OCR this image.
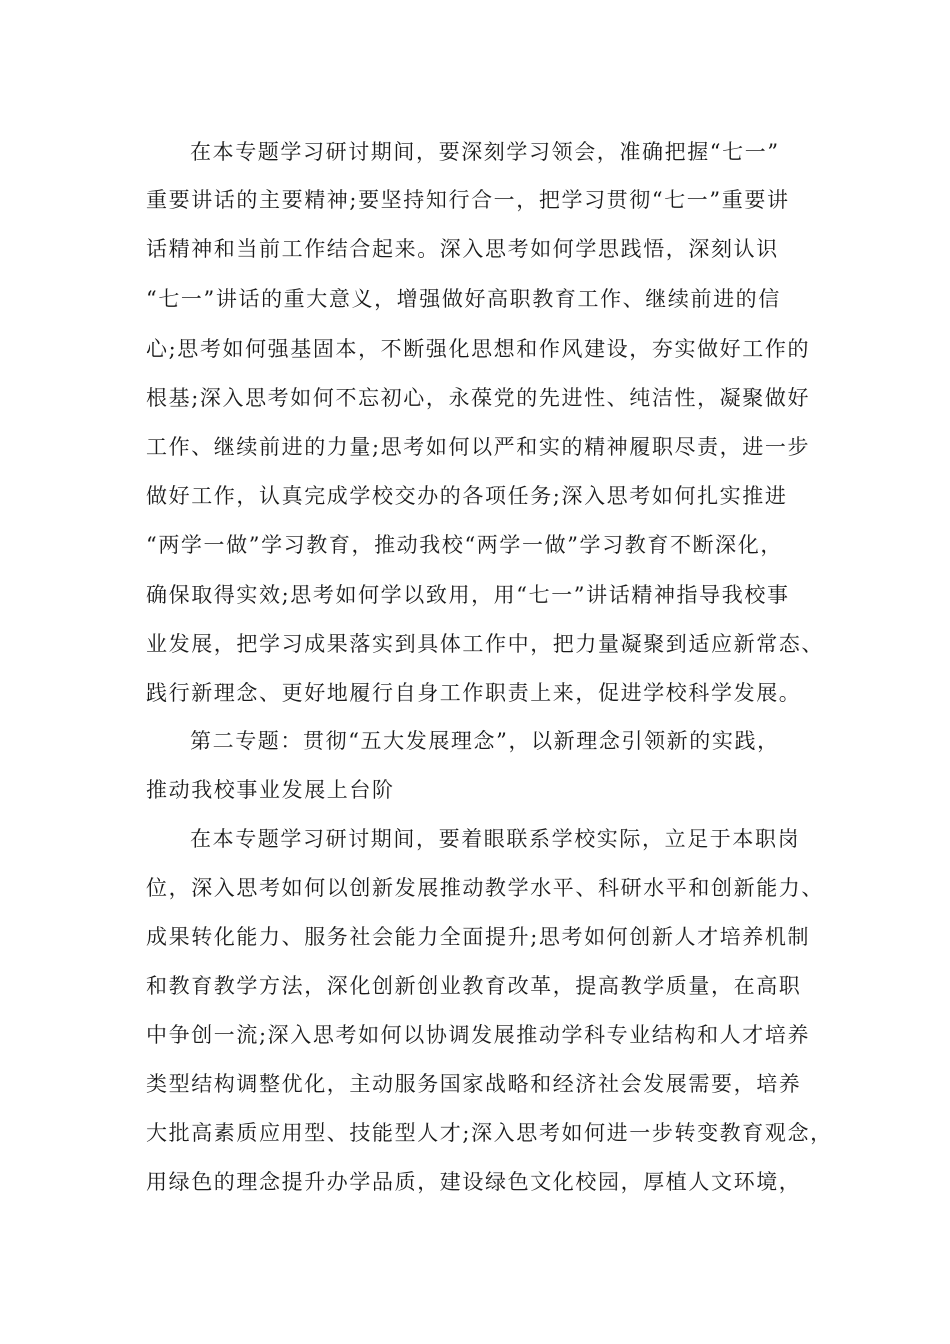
在本专题学习研讨期间，要深刻学习领会，准确把握“七一”
重要讲话的主要精神;要坚持知行合一，把学习贯彻“七一”重要讲
话精神和当前工作结合起来。深入思考如何学思践悟，深刻认识
“七一”讲话的重大意义，增强做好高职教育工作、继续前进的信
心;思考如何强基固本，不断强化思想和作风建设，夯实做好工作的
根基;深入思考如何不忘初心，永葆党的先进性、纯洁性，凝聚做好
工作、继续前进的力量;思考如何以严和实的精神履职尽责，进一步
做好工作，认真完成学校交办的各项任务;深入思考如何扎实推进
“两学一做”学习教育，推动我校“两学一做”学习教育不断深化，
确保取得实效;思考如何学以致用，用“七一”讲话精神指导我校事
业发展，把学习成果落实到具体工作中，把力量凝聚到适应新常态、
践行新理念、更好地履行自身工作职责上来，促进学校科学发展。
第二专题：贯彻“五大发展理念”，以新理念引领新的实践，
推动我校事业发展上台阶
在本专题学习研讨期间，要着眼联系学校实际，立足于本职岗
位，深入思考如何以创新发展推动教学水平、科研水平和创新能力、
成果转化能力、服务社会能力全面提升;思考如何创新人才培养机制
和教育教学方法，深化创新创业教育改革，提高教学质量，在高职
中争创一流;深入思考如何以协调发展推动学科专业结构和人才培养
类型结构调整优化，主动服务国家战略和经济社会发展需要，培养
大批高素质应用型、技能型人才;深入思考如何进一步转变教育观念，
用绿色的理念提升办学品质，建设绿色文化校园，厚植人文环境，
